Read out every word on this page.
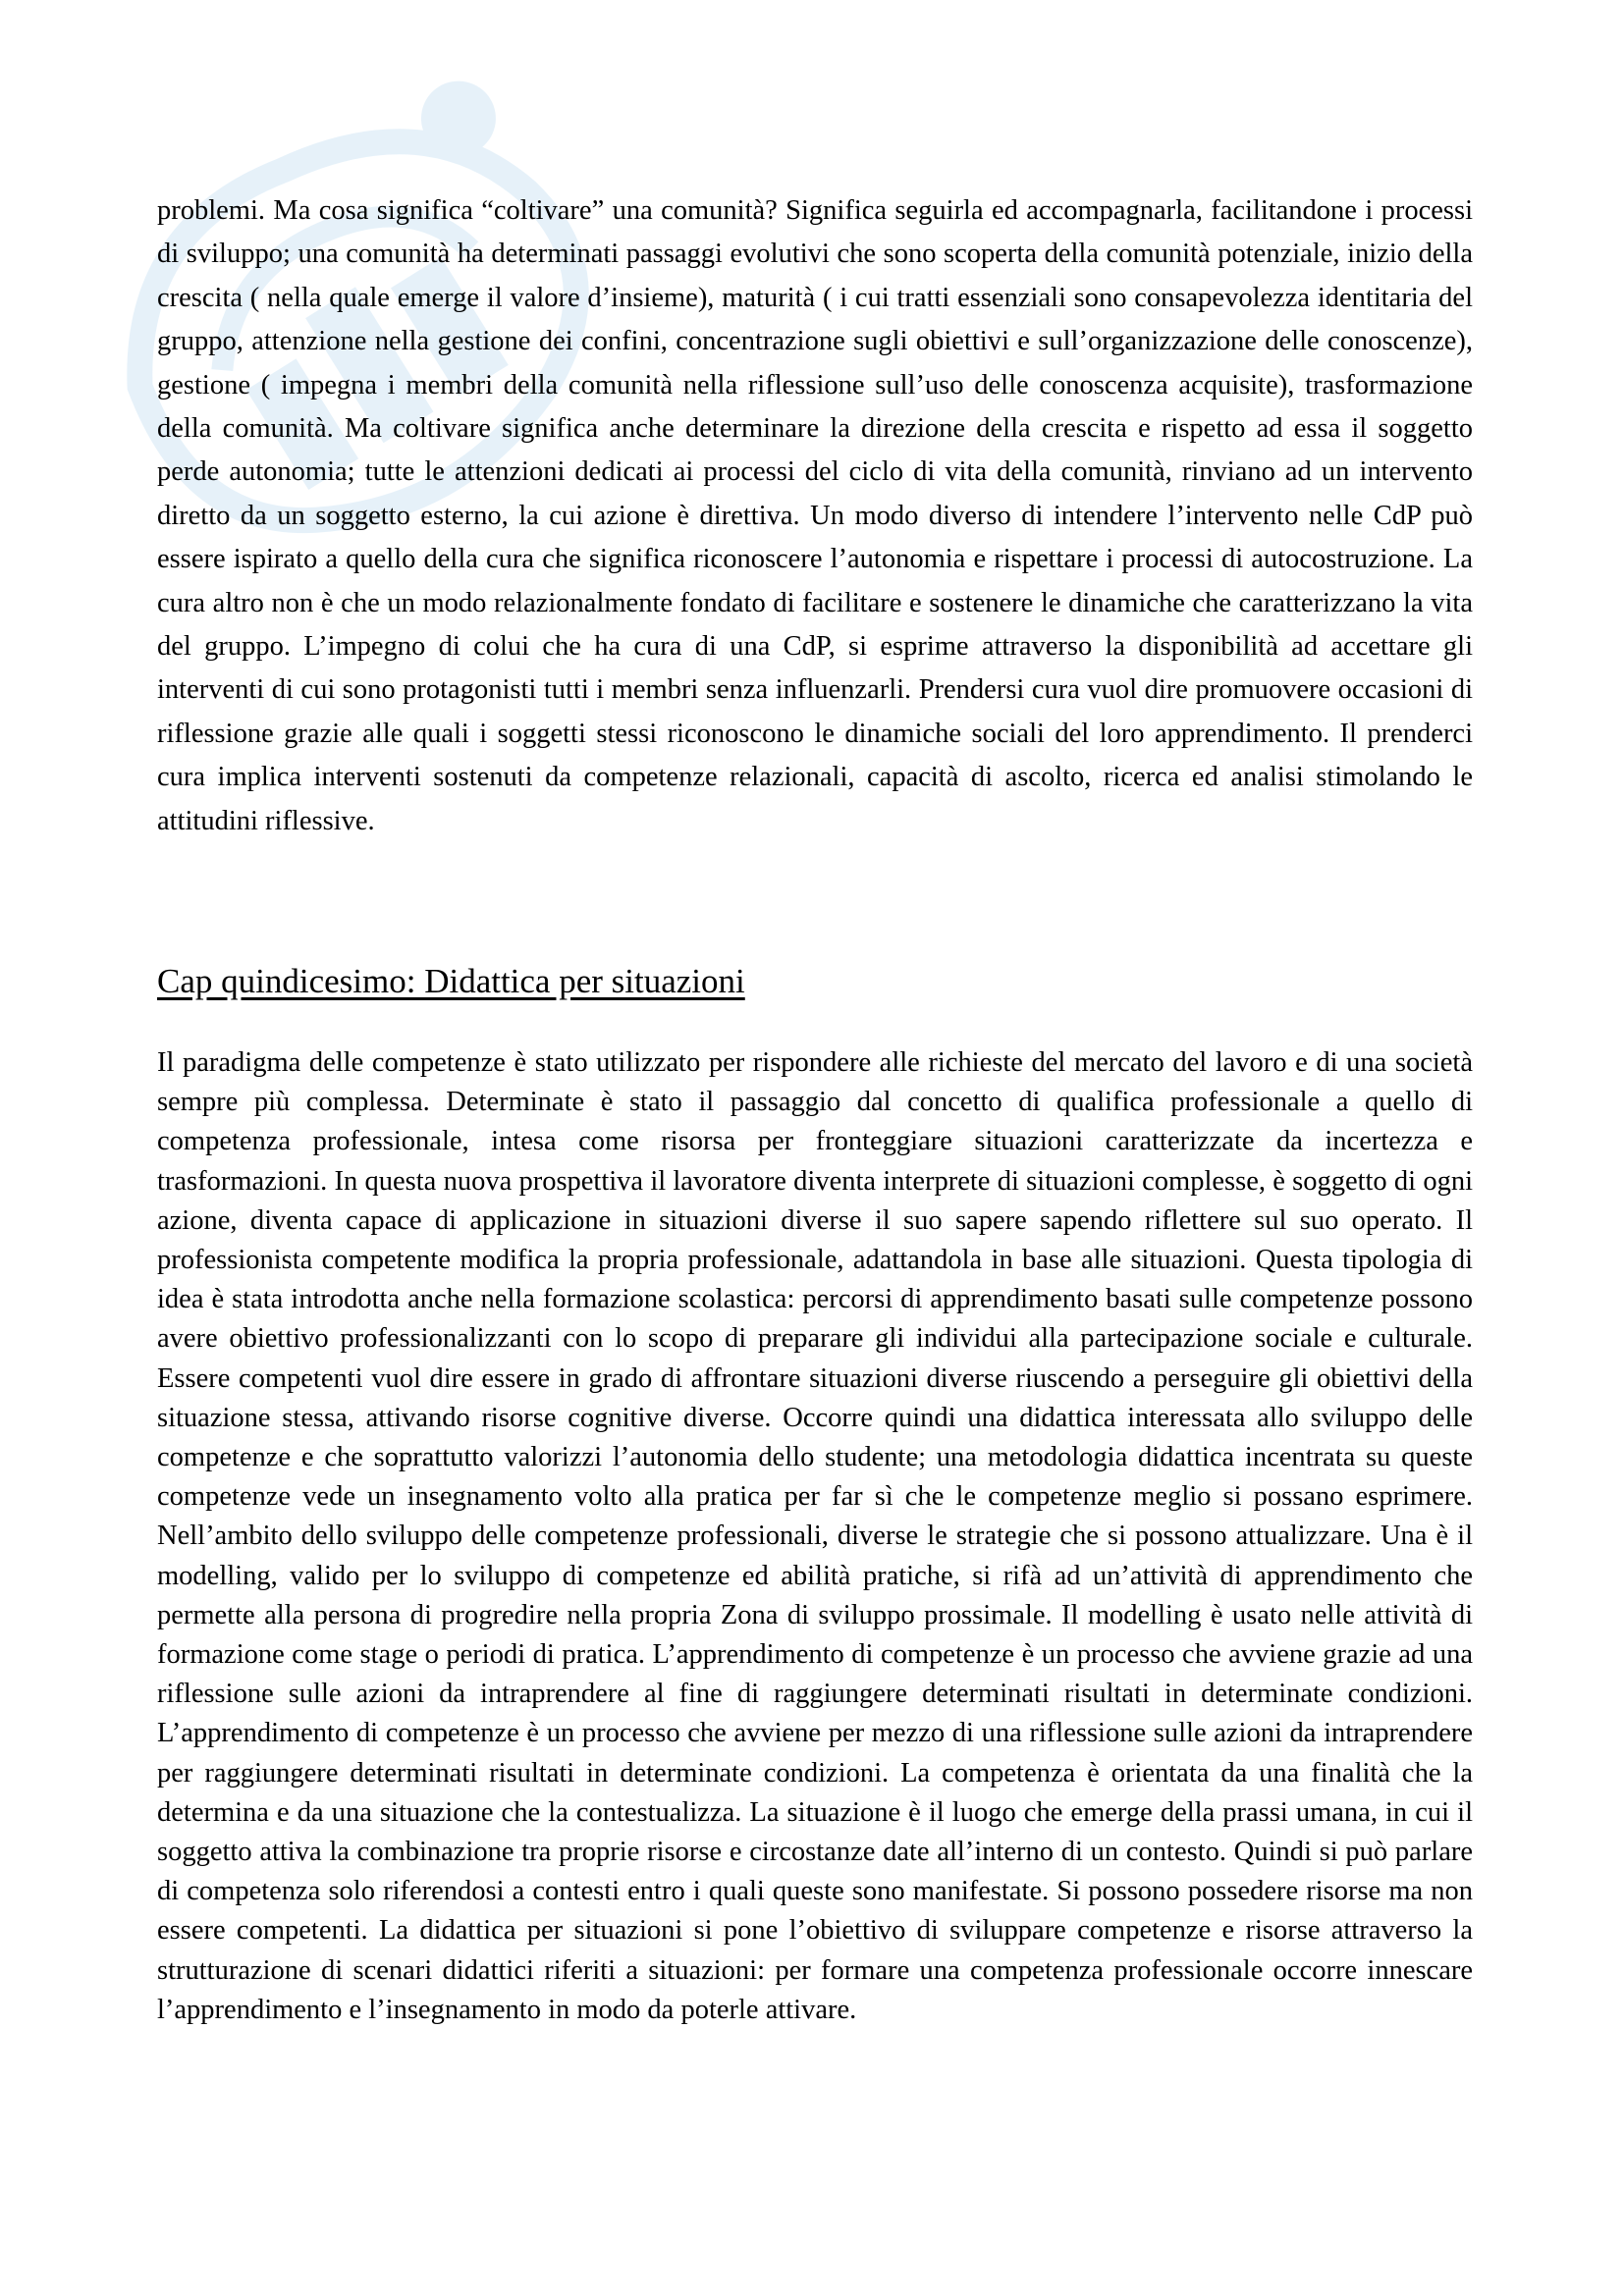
problemi. Ma cosa significa “coltivare” una comunità? Significa seguirla ed accompagnarla, facilitandone i processi di sviluppo; una comunità ha determinati passaggi evolutivi che sono scoperta della comunità potenziale, inizio della crescita ( nella quale emerge il valore d’insieme), maturità ( i cui tratti essenziali sono consapevolezza identitaria del gruppo, attenzione nella gestione dei confini, concentrazione sugli obiettivi e sull’organizzazione delle conoscenze), gestione ( impegna i membri della comunità nella riflessione sull’uso delle conoscenza acquisite), trasformazione della comunità. Ma coltivare significa anche determinare la direzione della crescita e rispetto ad essa il soggetto perde autonomia; tutte le attenzioni dedicati ai processi del ciclo di vita della comunità, rinviano ad un intervento diretto da un soggetto esterno, la cui azione è direttiva. Un modo diverso di intendere l’intervento nelle CdP può essere ispirato a quello della cura che significa riconoscere l’autonomia e rispettare i processi di autocostruzione. La cura altro non è che un modo relazionalmente fondato di facilitare e sostenere le dinamiche che caratterizzano la vita del gruppo. L’impegno di colui che ha cura di una CdP, si esprime attraverso la disponibilità ad accettare gli interventi di cui sono protagonisti tutti i membri senza influenzarli. Prendersi cura vuol dire promuovere occasioni di riflessione grazie alle quali i soggetti stessi riconoscono le dinamiche sociali del loro apprendimento. Il prenderci cura implica interventi sostenuti da competenze relazionali, capacità di ascolto, ricerca ed analisi stimolando le attitudini riflessive.

Cap quindicesimo: Didattica per situazioni

Il paradigma delle competenze è stato utilizzato per rispondere alle richieste del mercato del lavoro e di una società sempre più complessa. Determinate è stato il passaggio dal concetto di qualifica professionale a quello di competenza professionale, intesa come risorsa per fronteggiare situazioni caratterizzate da incertezza e trasformazioni. In questa nuova prospettiva il lavoratore diventa interprete di situazioni complesse, è soggetto di ogni azione, diventa capace di applicazione in situazioni diverse il suo sapere sapendo riflettere sul suo operato. Il professionista competente modifica la propria professionale, adattandola in base alle situazioni. Questa tipologia di idea è stata introdotta anche nella formazione scolastica: percorsi di apprendimento basati sulle competenze possono avere obiettivo professionalizzanti con lo scopo di preparare gli individui alla partecipazione sociale e culturale. Essere competenti vuol dire essere in grado di affrontare situazioni diverse riuscendo a perseguire gli obiettivi della situazione stessa, attivando risorse cognitive diverse. Occorre quindi una didattica interessata allo sviluppo delle competenze e che soprattutto valorizzi l’autonomia dello studente; una metodologia didattica incentrata su queste competenze vede un insegnamento volto alla pratica per far sì che le competenze meglio si possano esprimere. Nell’ambito dello sviluppo delle competenze professionali, diverse le strategie che si possono attualizzare. Una è il modelling, valido per lo sviluppo di competenze ed abilità pratiche, si rifà ad un’attività di apprendimento che permette alla persona di progredire nella propria Zona di sviluppo prossimale. Il modelling è usato nelle attività di formazione come stage o periodi di pratica. L’apprendimento di competenze è un processo che avviene grazie ad una riflessione sulle azioni da intraprendere al fine di raggiungere determinati risultati in determinate condizioni. L’apprendimento di competenze è un processo che avviene per mezzo di una riflessione sulle azioni da intraprendere per raggiungere determinati risultati in determinate condizioni. La competenza è orientata da una finalità che la determina e da una situazione che la contestualizza. La situazione è il luogo che emerge della prassi umana, in cui il soggetto attiva la combinazione tra proprie risorse e circostanze date all’interno di un contesto. Quindi si può parlare di competenza solo riferendosi a contesti entro i quali queste sono manifestate. Si possono possedere risorse ma non essere competenti. La didattica per situazioni si pone l’obiettivo di sviluppare competenze e risorse attraverso la strutturazione di scenari didattici riferiti a situazioni: per formare una competenza professionale occorre innescare l’apprendimento e l’insegnamento in modo da poterle attivare.
